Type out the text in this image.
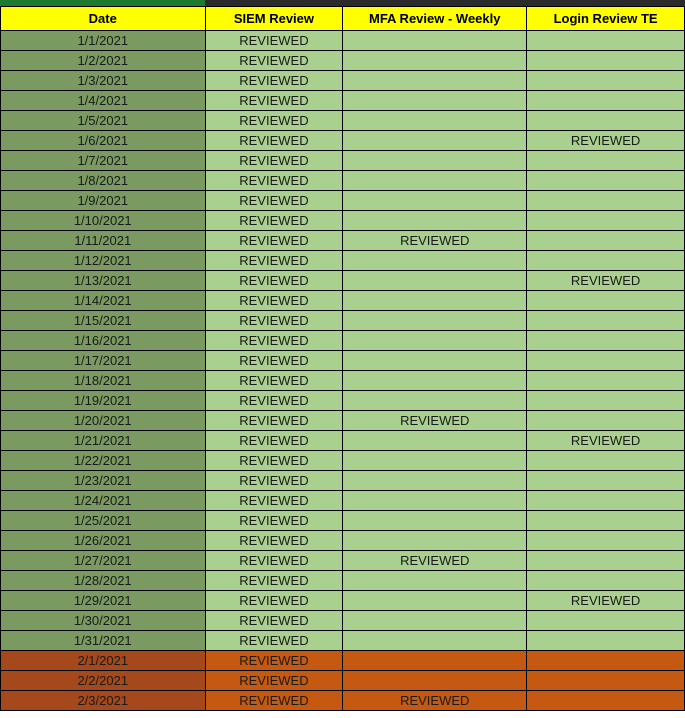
Date	SIEM Review	MFA Review - Weekly	Login Review TE
1/1/2021	REVIEWED		
1/2/2021	REVIEWED		
1/3/2021	REVIEWED		
1/4/2021	REVIEWED		
1/5/2021	REVIEWED		
1/6/2021	REVIEWED		REVIEWED
1/7/2021	REVIEWED		
1/8/2021	REVIEWED		
1/9/2021	REVIEWED		
1/10/2021	REVIEWED		
1/11/2021	REVIEWED	REVIEWED	
1/12/2021	REVIEWED		
1/13/2021	REVIEWED		REVIEWED
1/14/2021	REVIEWED		
1/15/2021	REVIEWED		
1/16/2021	REVIEWED		
1/17/2021	REVIEWED		
1/18/2021	REVIEWED		
1/19/2021	REVIEWED		
1/20/2021	REVIEWED	REVIEWED	
1/21/2021	REVIEWED		REVIEWED
1/22/2021	REVIEWED		
1/23/2021	REVIEWED		
1/24/2021	REVIEWED		
1/25/2021	REVIEWED		
1/26/2021	REVIEWED		
1/27/2021	REVIEWED	REVIEWED	
1/28/2021	REVIEWED		
1/29/2021	REVIEWED		REVIEWED
1/30/2021	REVIEWED		
1/31/2021	REVIEWED		
2/1/2021	REVIEWED		
2/2/2021	REVIEWED		
2/3/2021	REVIEWED	REVIEWED	
